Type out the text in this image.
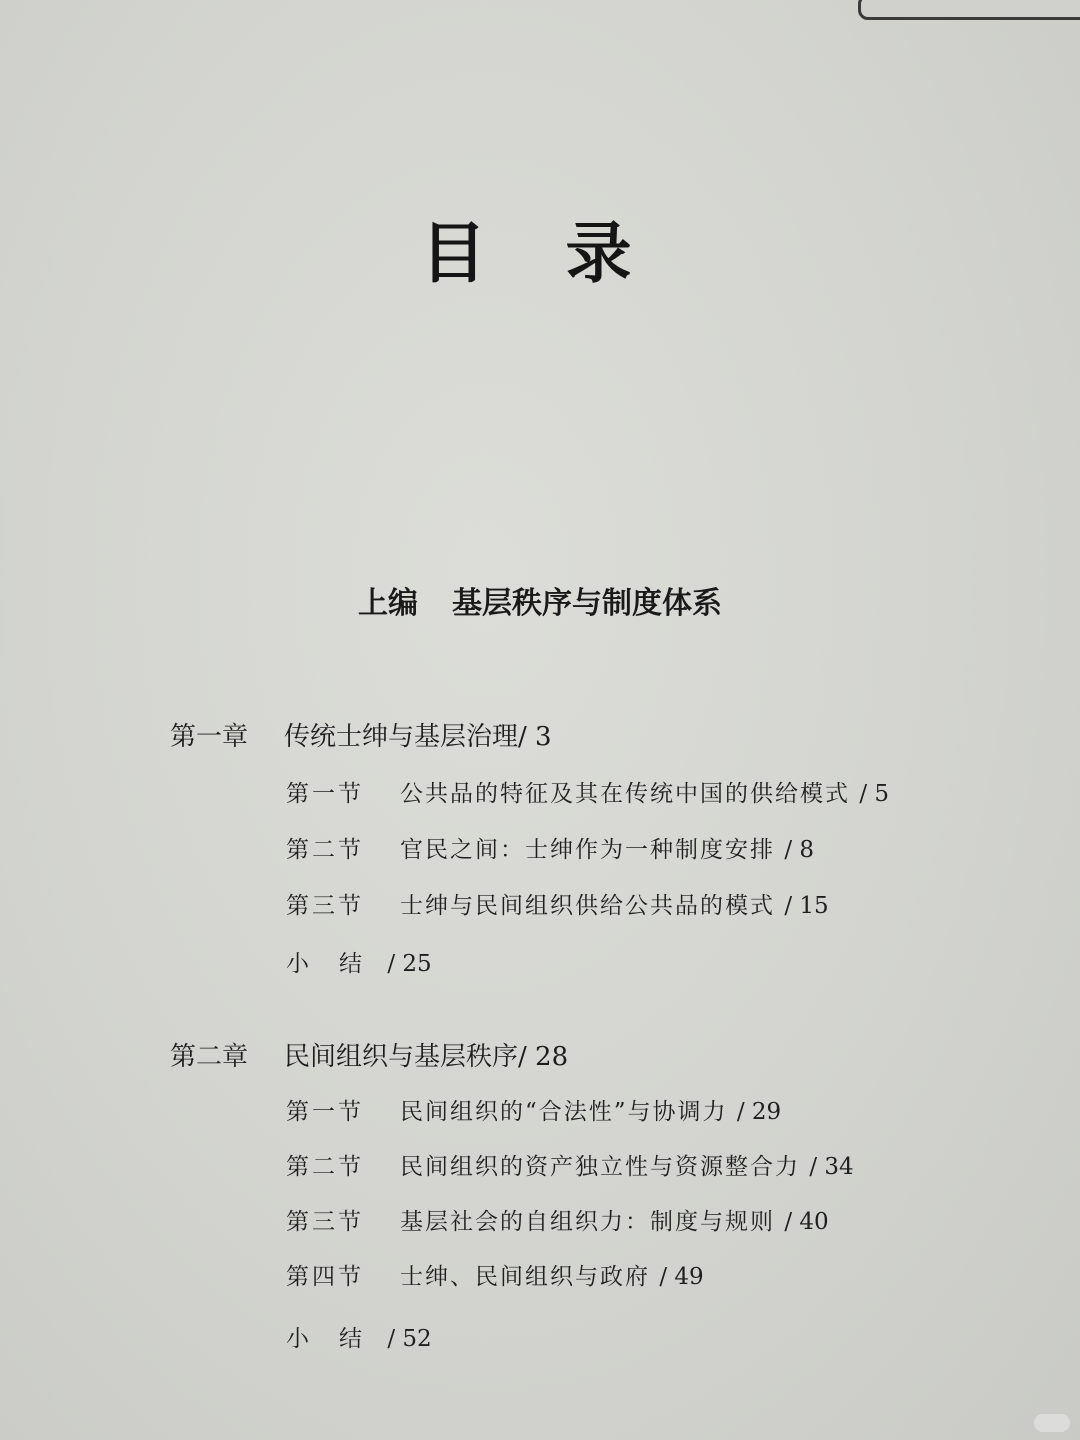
目 录
上编 基层秩序与制度体系
第一章 传统士绅与基层治理/ 3
第一节 公共品的特征及其在传统中国的供给模式 / 5
第二节 官民之间：士绅作为一种制度安排 / 8
第三节 士绅与民间组织供给公共品的模式 / 15
小结 / 25
第二章 民间组织与基层秩序/ 28
第一节 民间组织的“合法性”与协调力 / 29
第二节 民间组织的资产独立性与资源整合力 / 34
第三节 基层社会的自组织力：制度与规则 / 40
第四节 士绅、民间组织与政府 / 49
小结 / 52
